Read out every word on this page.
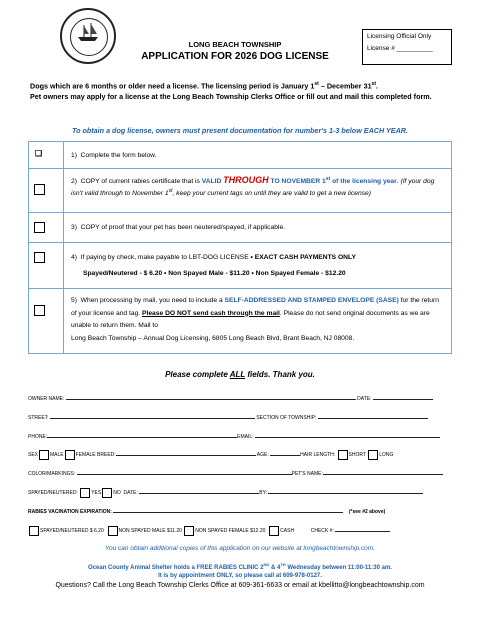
LONG BEACH TOWNSHIP
APPLICATION FOR 2026 DOG LICENSE
Licensing Official Only
License # __________
Dogs which are 6 months or older need a license. The licensing period is January 1st – December 31st.
Pet owners may apply for a license at the Long Beach Township Clerks Office or fill out and mail this completed form.
To obtain a dog license, owners must present documentation for number's 1-3 below EACH YEAR.
❑	1) Complete the form below.
2) COPY of current rabies certificate that is VALID THROUGH TO NOVEMBER 1st of the licensing year. (If your dog isn't valid through to November 1st, keep your current tags on until they are valid to get a new license)
3) COPY of proof that your pet has been neutered/spayed, if applicable.
4) If paying by check, make payable to LBT-DOG LICENSE • EXACT CASH PAYMENTS ONLY
Spayed/Neutered - $ 6.20 • Non Spayed Male - $11.20 • Non Spayed Female - $12.20
5) When processing by mail, you need to include a SELF-ADDRESSED AND STAMPED ENVELOPE (SASE) for the return of your license and tag. Please DO NOT send cash through the mail. Please do not send original documents as we are unable to return them. Mail to
Long Beach Township – Annual Dog Licensing, 6805 Long Beach Blvd, Brant Beach, NJ 08008.
Please complete ALL fields. Thank you.
OWNER NAME:	DATE:
STREET:	SECTION OF TOWNSHIP:
PHONE:	EMAIL:
SEX MALE FEMALE BREED:	AGE:	HAIR LENGTH:	SHORT	LONG
COLOR/MARKINGS:	PET'S NAME:
SPAYED/NEUTERED:	YES NO DATE:	BY:
RABIES VACINATION EXPIRATION:	(*see #2 above)
SPAYED/NEUTERED $ 6.20	NON SPAYED MALE $11.20	NON SPAYED FEMALE $12.20	CASH	CHECK #:
You can obtain additional copies of this application on our website at longbeachtownship.com.
Ocean County Animal Shelter holds a FREE RABIES CLINIC 2ND & 4TH Wednesday between 11:00-11:30 am.
It is by appointment ONLY, so please call at 609-978-0127.
Questions? Call the Long Beach Township Clerks Office at 609-361-6633 or email at kbellitto@longbeachtownship.com
